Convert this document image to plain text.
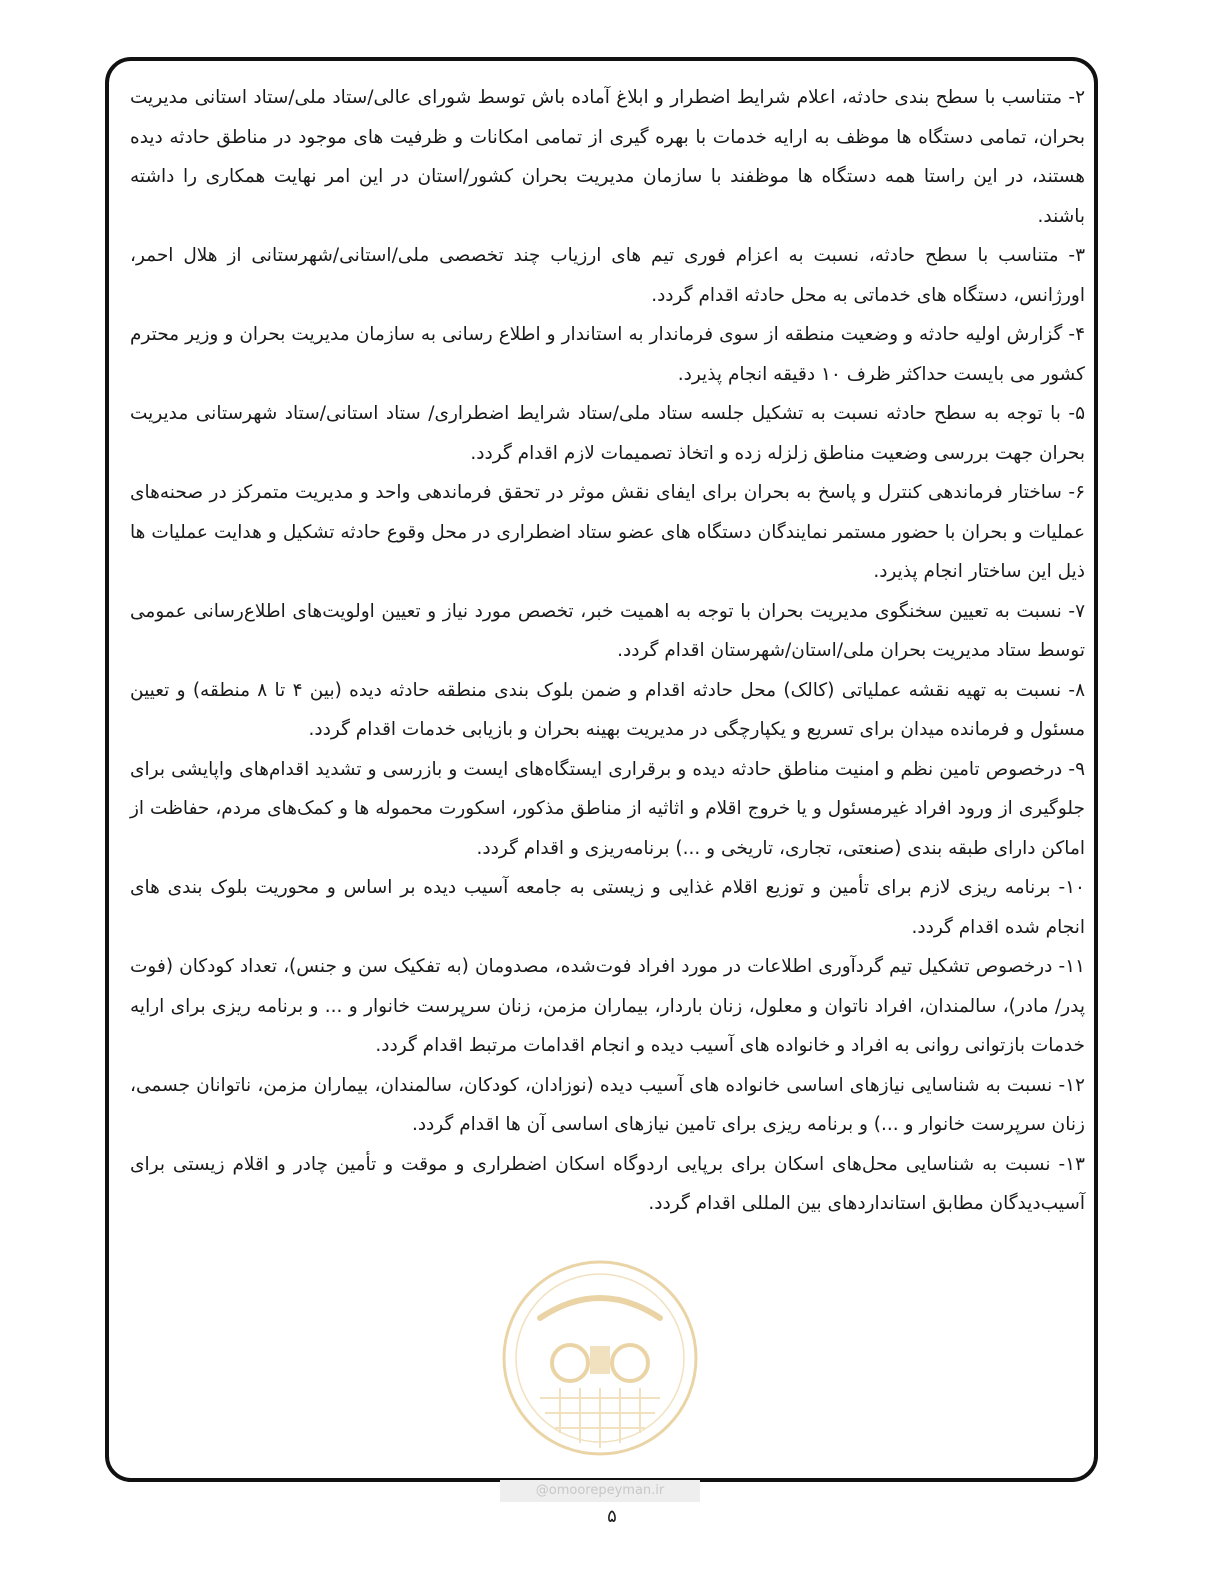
۲- متناسب با سطح بندی حادثه، اعلام شرایط اضطرار و ابلاغ آماده باش توسط شورای عالی/ستاد ملی/ستاد استانی مدیریت بحران، تمامی دستگاه ها موظف به ارایه خدمات با بهره گیری از تمامی امکانات و ظرفیت های موجود در مناطق حادثه دیده هستند، در این راستا همه دستگاه ها موظفند با سازمان مدیریت بحران کشور/استان در این امر نهایت همکاری را داشته باشند.

۳- متناسب با سطح حادثه، نسبت به اعزام فوری تیم های ارزیاب چند تخصصی ملی/استانی/شهرستانی از هلال احمر، اورژانس، دستگاه های خدماتی به محل حادثه اقدام گردد.

۴- گزارش اولیه حادثه و وضعیت منطقه از سوی فرماندار به استاندار و اطلاع رسانی به سازمان مدیریت بحران و وزیر محترم کشور می بایست حداکثر ظرف ۱۰ دقیقه انجام پذیرد.

۵- با توجه به سطح حادثه نسبت به تشکیل جلسه ستاد ملی/ستاد شرایط اضطراری/ ستاد استانی/ستاد شهرستانی مدیریت بحران جهت بررسی وضعیت مناطق زلزله زده و اتخاذ تصمیمات لازم اقدام گردد.

۶- ساختار فرماندهی کنترل و پاسخ به بحران برای ایفای نقش موثر در تحقق فرماندهی واحد و مدیریت متمرکز در صحنه‌های عملیات و بحران با حضور مستمر نمایندگان دستگاه های عضو ستاد اضطراری در محل وقوع حادثه تشکیل و هدایت عملیات ها ذیل این ساختار انجام پذیرد.

۷- نسبت به تعیین سخنگوی مدیریت بحران با توجه به اهمیت خبر، تخصص مورد نیاز و تعیین اولویت‌های اطلاع‌رسانی عمومی توسط ستاد مدیریت بحران ملی/استان/شهرستان اقدام گردد.

۸- نسبت به تهیه نقشه عملیاتی (کالک) محل حادثه اقدام و ضمن بلوک بندی منطقه حادثه دیده (بین ۴ تا ۸ منطقه) و تعیین مسئول و فرمانده میدان برای تسریع و یکپارچگی در مدیریت بهینه بحران و بازیابی خدمات اقدام گردد.

۹- درخصوص تامین نظم و امنیت مناطق حادثه دیده و برقراری ایستگاه‌های ایست و بازرسی و تشدید اقدام‌های واپایشی برای جلوگیری از ورود افراد غیرمسئول و یا خروج اقلام و اثاثیه از مناطق مذکور، اسکورت محموله ها و کمک‌های مردم، حفاظت از اماکن دارای طبقه بندی (صنعتی، تجاری، تاریخی و ...) برنامه‌ریزی و اقدام گردد.

۱۰- برنامه ریزی لازم برای تأمین و توزیع اقلام غذایی و زیستی به جامعه آسیب دیده بر اساس و محوریت بلوک بندی های انجام شده اقدام گردد.

۱۱- درخصوص تشکیل تیم گردآوری اطلاعات در مورد افراد فوت‌شده، مصدومان (به تفکیک سن و جنس)، تعداد کودکان (فوت پدر/ مادر)، سالمندان، افراد ناتوان و معلول، زنان باردار، بیماران مزمن، زنان سرپرست خانوار و ... و برنامه ریزی برای ارایه خدمات بازتوانی روانی به افراد و خانواده های آسیب دیده و انجام اقدامات مرتبط اقدام گردد.

۱۲- نسبت به شناسایی نیازهای اساسی خانواده های آسیب دیده (نوزادان، کودکان، سالمندان، بیماران مزمن، ناتوانان جسمی، زنان سرپرست خانوار و ...) و برنامه ریزی برای تامین نیازهای اساسی آن ها اقدام گردد.

۱۳- نسبت به شناسایی محل‌های اسکان برای برپایی اردوگاه اسکان اضطراری و موقت و تأمین چادر و اقلام زیستی برای آسیب‌دیدگان مطابق استانداردهای بین المللی اقدام گردد.

@omoorepeyman.ir
۵
